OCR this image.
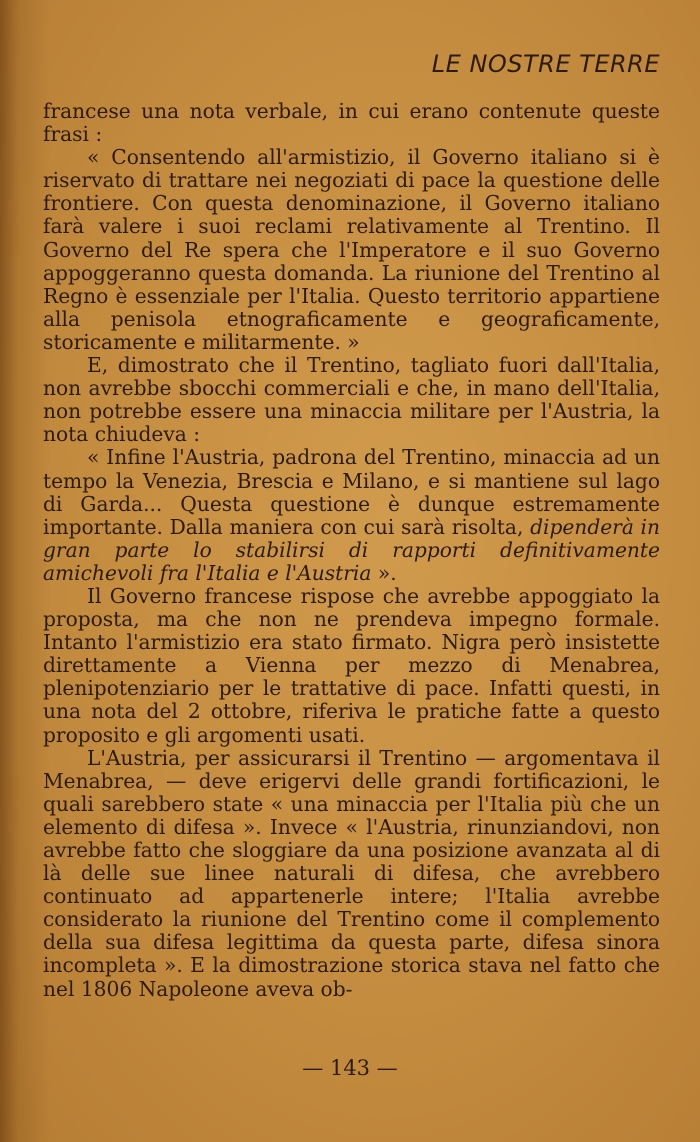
LE NOSTRE TERRE

francese una nota verbale, in cui erano contenute queste frasi :

« Consentendo all'armistizio, il Governo italiano si è riservato di trattare nei negoziati di pace la questione delle frontiere. Con questa denominazione, il Governo italiano farà valere i suoi reclami relativamente al Trentino. Il Governo del Re spera che l'Imperatore e il suo Governo appoggeranno questa domanda. La riunione del Trentino al Regno è essenziale per l'Italia. Questo territorio appartiene alla penisola etnograficamente e geograficamente, storicamente e militarmente. »

E, dimostrato che il Trentino, tagliato fuori dall'Italia, non avrebbe sbocchi commerciali e che, in mano dell'Italia, non potrebbe essere una minaccia militare per l'Austria, la nota chiudeva :

« Infine l'Austria, padrona del Trentino, minaccia ad un tempo la Venezia, Brescia e Milano, e si mantiene sul lago di Garda... Questa questione è dunque estremamente importante. Dalla maniera con cui sarà risolta, dipenderà in gran parte lo stabilirsi di rapporti definitivamente amichevoli fra l'Italia e l'Austria ».

Il Governo francese rispose che avrebbe appoggiato la proposta, ma che non ne prendeva impegno formale. Intanto l'armistizio era stato firmato. Nigra però insistette direttamente a Vienna per mezzo di Menabrea, plenipotenziario per le trattative di pace. Infatti questi, in una nota del 2 ottobre, riferiva le pratiche fatte a questo proposito e gli argomenti usati.

L'Austria, per assicurarsi il Trentino — argomentava il Menabrea, — deve erigervi delle grandi fortificazioni, le quali sarebbero state « una minaccia per l'Italia più che un elemento di difesa ». Invece « l'Austria, rinunziandovi, non avrebbe fatto che sloggiare da una posizione avanzata al di là delle sue linee naturali di difesa, che avrebbero continuato ad appartenerle intere; l'Italia avrebbe considerato la riunione del Trentino come il complemento della sua difesa legittima da questa parte, difesa sinora incompleta ». E la dimostrazione storica stava nel fatto che nel 1806 Napoleone aveva ob-

— 143 —
